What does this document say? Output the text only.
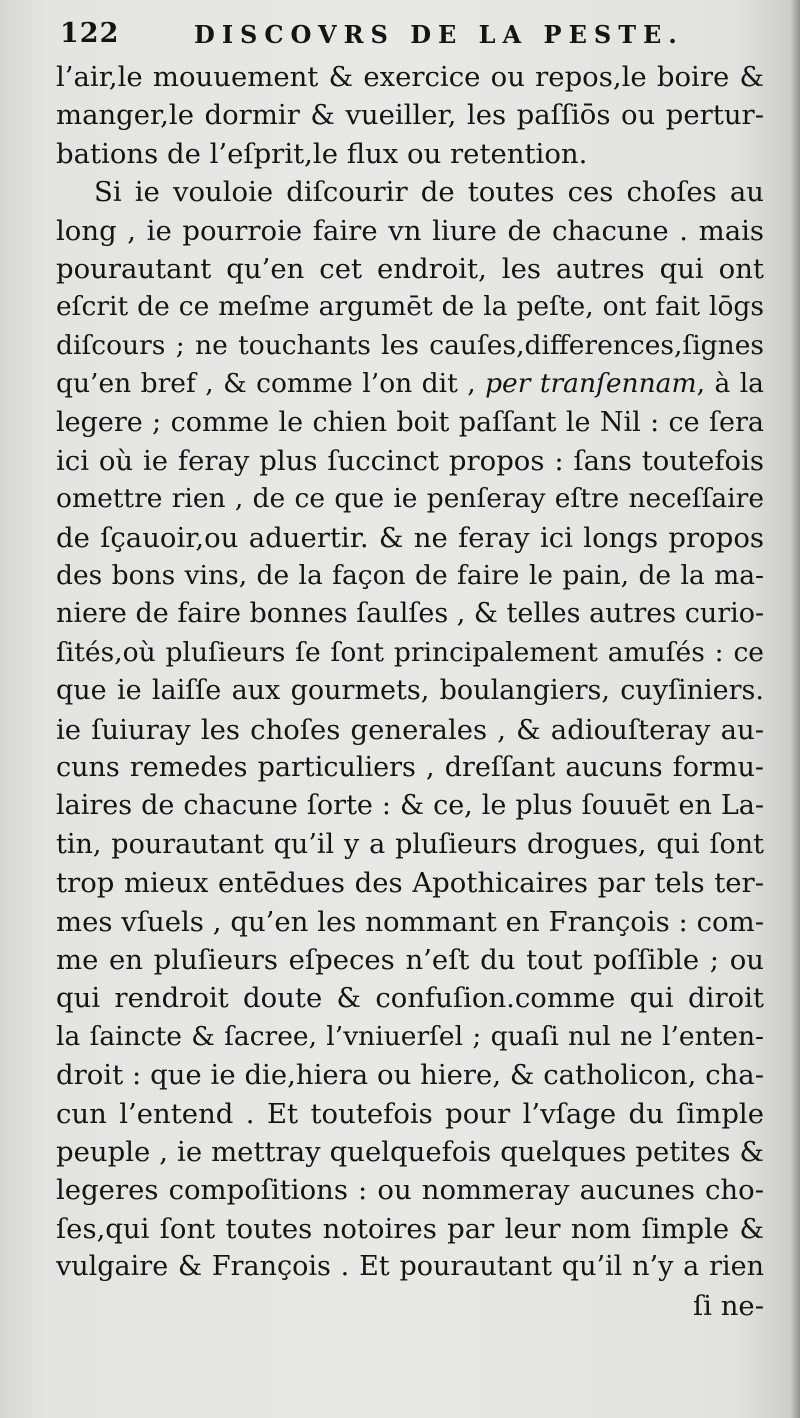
122	DISCOVRS DE LA PESTE.
l’air,le mouuement & exercice ou repos,le boire &
manger,le dormir & vueiller, les paſſiōs ou pertur-
bations de l’eſprit,le flux ou retention.
Si ie vouloie diſcourir de toutes ces choſes au
long , ie pourroie faire vn liure de chacune . mais
pourautant qu’en cet endroit, les autres qui ont
eſcrit de ce meſme argumēt de la peſte, ont fait lōgs
diſcours ; ne touchants les cauſes,differences,ſignes
qu’en bref , & comme l’on dit , per tranſennam, à la
legere ; comme le chien boit paſſant le Nil : ce ſera
ici où ie feray plus ſuccinct propos : ſans toutefois
omettre rien , de ce que ie penſeray eſtre neceſſaire
de ſçauoir,ou aduertir. & ne feray ici longs propos
des bons vins, de la façon de faire le pain, de la ma-
niere de faire bonnes ſaulſes , & telles autres curio-
ſités,où pluſieurs ſe ſont principalement amuſés : ce
que ie laiſſe aux gourmets, boulangiers, cuyſiniers.
ie ſuiuray les choſes generales , & adiouſteray au-
cuns remedes particuliers , dreſſant aucuns formu-
laires de chacune ſorte : & ce, le plus ſouuēt en La-
tin, pourautant qu’il y a pluſieurs drogues, qui ſont
trop mieux entēdues des Apothicaires par tels ter-
mes vſuels , qu’en les nommant en François : com-
me en pluſieurs eſpeces n’eſt du tout poſſible ; ou
qui rendroit doute & confuſion.comme qui diroit
la ſaincte & ſacree, l’vniuerſel ; quaſi nul ne l’enten-
droit : que ie die,hiera ou hiere, & catholicon, cha-
cun l’entend . Et toutefois pour l’vſage du ſimple
peuple , ie mettray quelquefois quelques petites &
legeres compoſitions : ou nommeray aucunes cho-
ſes,qui ſont toutes notoires par leur nom ſimple &
vulgaire & François . Et pourautant qu’il n’y a rien
ſi ne-
